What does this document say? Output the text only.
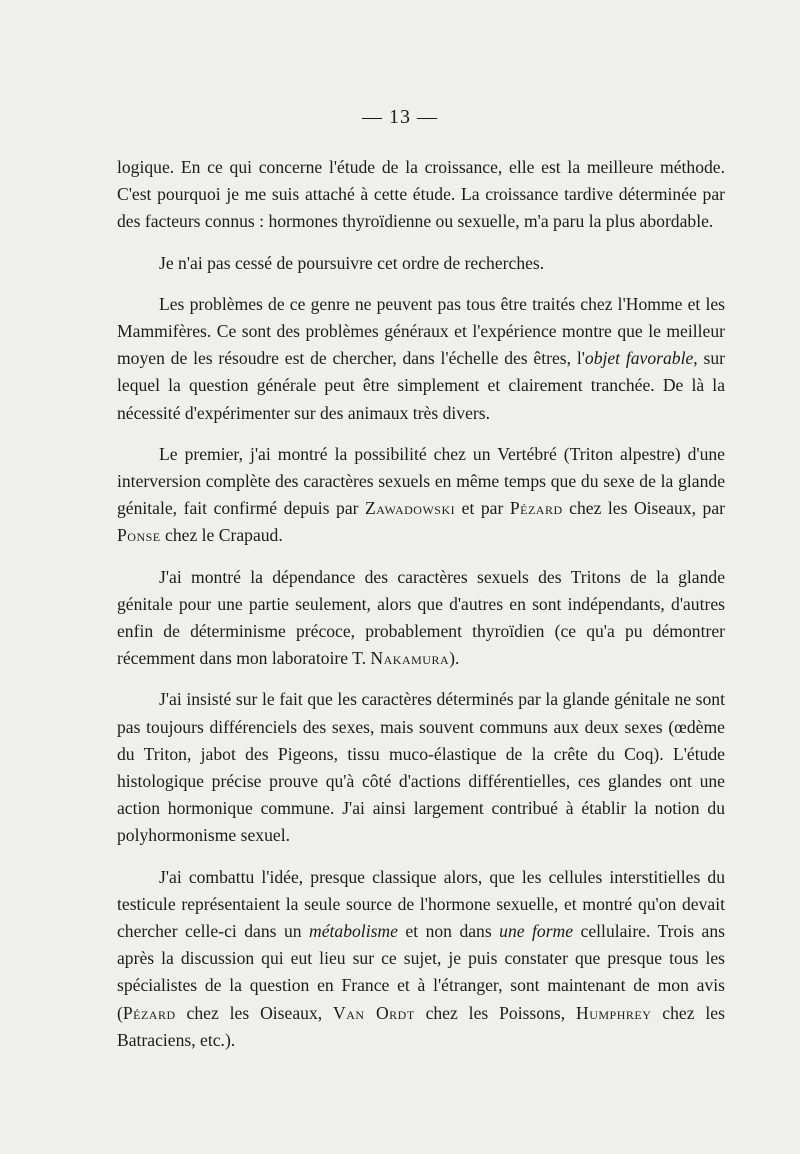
— 13 —

logique. En ce qui concerne l'étude de la croissance, elle est la meilleure méthode. C'est pourquoi je me suis attaché à cette étude. La croissance tardive déterminée par des facteurs connus : hormones thyroïdienne ou sexuelle, m'a paru la plus abordable.

Je n'ai pas cessé de poursuivre cet ordre de recherches.

Les problèmes de ce genre ne peuvent pas tous être traités chez l'Homme et les Mammifères. Ce sont des problèmes généraux et l'expérience montre que le meilleur moyen de les résoudre est de chercher, dans l'échelle des êtres, l'objet favorable, sur lequel la question générale peut être simplement et clairement tranchée. De là la nécessité d'expérimenter sur des animaux très divers.

Le premier, j'ai montré la possibilité chez un Vertébré (Triton alpestre) d'une interversion complète des caractères sexuels en même temps que du sexe de la glande génitale, fait confirmé depuis par Zawadowski et par Pézard chez les Oiseaux, par Ponse chez le Crapaud.

J'ai montré la dépendance des caractères sexuels des Tritons de la glande génitale pour une partie seulement, alors que d'autres en sont indépendants, d'autres enfin de déterminisme précoce, probablement thyroïdien (ce qu'a pu démontrer récemment dans mon laboratoire T. Nakamura).

J'ai insisté sur le fait que les caractères déterminés par la glande génitale ne sont pas toujours différenciels des sexes, mais souvent communs aux deux sexes (œdème du Triton, jabot des Pigeons, tissu muco-élastique de la crête du Coq). L'étude histologique précise prouve qu'à côté d'actions différentielles, ces glandes ont une action hormonique commune. J'ai ainsi largement contribué à établir la notion du polyhormonisme sexuel.

J'ai combattu l'idée, presque classique alors, que les cellules interstitielles du testicule représentaient la seule source de l'hormone sexuelle, et montré qu'on devait chercher celle-ci dans un métabolisme et non dans une forme cellulaire. Trois ans après la discussion qui eut lieu sur ce sujet, je puis constater que presque tous les spécialistes de la question en France et à l'étranger, sont maintenant de mon avis (Pézard chez les Oiseaux, Van Ordt chez les Poissons, Humphrey chez les Batraciens, etc.).
